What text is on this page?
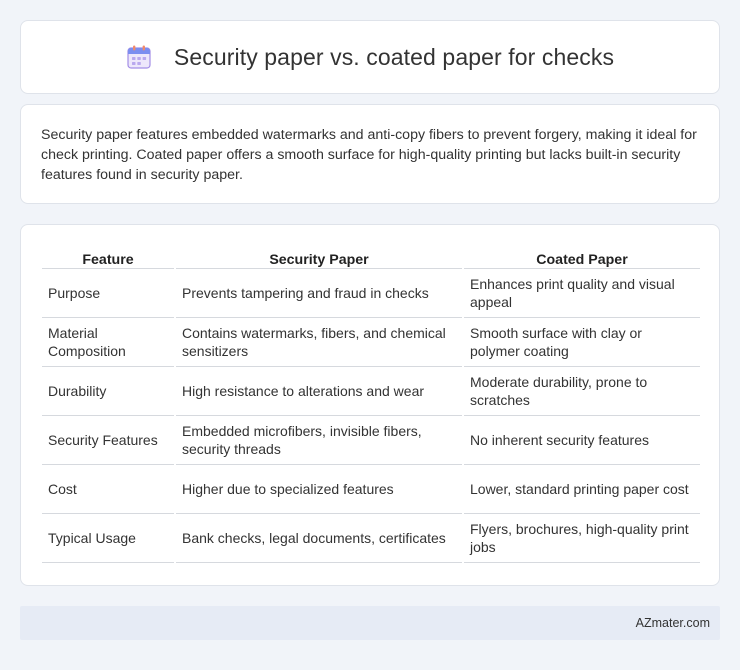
Security paper vs. coated paper for checks

Security paper features embedded watermarks and anti-copy fibers to prevent forgery, making it ideal for check printing. Coated paper offers a smooth surface for high-quality printing but lacks built-in security features found in security paper.

Feature	Security Paper	Coated Paper
Purpose	Prevents tampering and fraud in checks	Enhances print quality and visual appeal
Material Composition	Contains watermarks, fibers, and chemical sensitizers	Smooth surface with clay or polymer coating
Durability	High resistance to alterations and wear	Moderate durability, prone to scratches
Security Features	Embedded microfibers, invisible fibers, security threads	No inherent security features
Cost	Higher due to specialized features	Lower, standard printing paper cost
Typical Usage	Bank checks, legal documents, certificates	Flyers, brochures, high-quality print jobs
AZmater.com
